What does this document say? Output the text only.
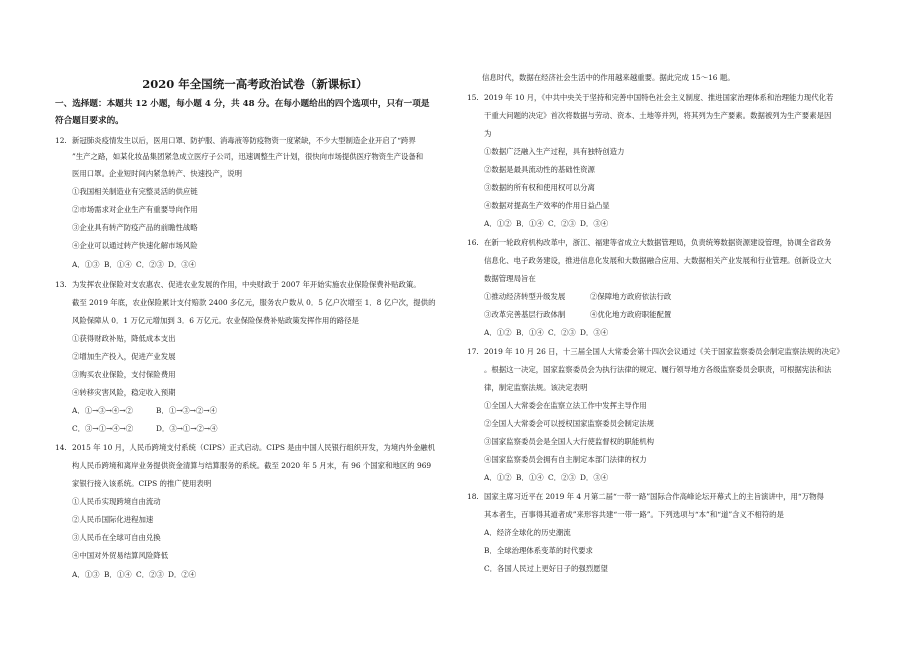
2020 年全国统一高考政治试卷（新课标Ⅰ）

一、选择题：本题共 12 小题，每小题 4 分，共 48 分。在每小题给出的四个选项中，只有一项是

符合题目要求的。

12. 新冠肺炎疫情发生以后，医用口罩、防护服、消毒液等防疫物资一度紧缺，不少大型制造企业开启了“跨界

”生产之路，如某化妆品集团紧急成立医疗子公司，迅速调整生产计划，很快向市场提供医疗物资生产设备和

医用口罩。企业短时间内紧急转产、快速投产，说明

①我国相关制造业有完整灵活的供应链

②市场需求对企业生产有重要导向作用

③企业具有转产防疫产品的前瞻性战略

④企业可以通过转产快速化解市场风险

A．①③ B．①④ C．②③ D．③④

13. 为发挥农业保险对支农惠农、促进农业发展的作用，中央财政于 2007 年开始实施农业保险保费补贴政策。

截至 2019 年底，农业保险累计支付赔款 2400 多亿元，服务农户数从 0．5 亿户次增至 1．8 亿户次，提供的

风险保障从 0．1 万亿元增加到 3．6 万亿元。农业保险保费补贴政策发挥作用的路径是

①获得财政补贴，降低成本支出

②增加生产投入，促进产业发展

③购买农业保险，支付保险费用

④转移灾害风险，稳定收入预期

A．①→③→④→②	B．①→③→②→④

C．③→①→④→②	D．③→①→②→④

14. 2015 年 10 月，人民币跨境支付系统（CIPS）正式启动。CIPS 是由中国人民银行组织开发，为境内外金融机

构人民币跨境和离岸业务提供资金清算与结算服务的系统。截至 2020 年 5 月末，有 96 个国家和地区的 969

家银行接入该系统。CIPS 的推广使用表明

①人民币实现跨境自由流动

②人民币国际化进程加速

③人民币在全球可自由兑换

④中国对外贸易结算风险降低

A．①③ B．①④ C．②③ D．②④

信息时代，数据在经济社会生活中的作用越来越重要。据此完成 15～16 题。

15. 2019 年 10 月，《中共中央关于坚持和完善中国特色社会主义制度、推进国家治理体系和治理能力现代化若

干重大问题的决定》首次将数据与劳动、资本、土地等并列，将其列为生产要素。数据被列为生产要素是因

为

①数据广泛融入生产过程，具有独特创造力

②数据是最具流动性的基础性资源

③数据的所有权和使用权可以分离

④数据对提高生产效率的作用日益凸显

A．①② B．①④ C．②③ D．③④

16. 在新一轮政府机构改革中，浙江、福建等省成立大数据管理局，负责统筹数据资源建设管理，协调全省政务

信息化、电子政务建设，推进信息化发展和大数据融合应用、大数据相关产业发展和行业管理。创新设立大

数据管理局旨在

①推动经济转型升级发展	②保障地方政府依法行政

③改革完善基层行政体制	④优化地方政府职能配置

A．①② B．①④ C．②③ D．③④

17. 2019 年 10 月 26 日，十三届全国人大常委会第十四次会议通过《关于国家监察委员会制定监察法规的决定》

。根据这一决定，国家监察委员会为执行法律的规定、履行领导地方各级监察委员会职责，可根据宪法和法

律，制定监察法规。该决定表明

①全国人大常委会在监察立法工作中发挥主导作用

②全国人大常委会可以授权国家监察委员会制定法规

③国家监察委员会是全国人大行使监督权的职能机构

④国家监察委员会拥有自主制定本部门法律的权力

A．①② B．①④ C．②③ D．③④

18. 国家主席习近平在 2019 年 4 月第二届“一带一路”国际合作高峰论坛开幕式上的主旨演讲中，用“万物得

其本者生，百事得其道者成”来形容共建“一带一路”。下列选项与“本”和“道”含义不相符的是

A．经济全球化的历史潮流

B．全球治理体系变革的时代要求

C．各国人民过上更好日子的强烈愿望
